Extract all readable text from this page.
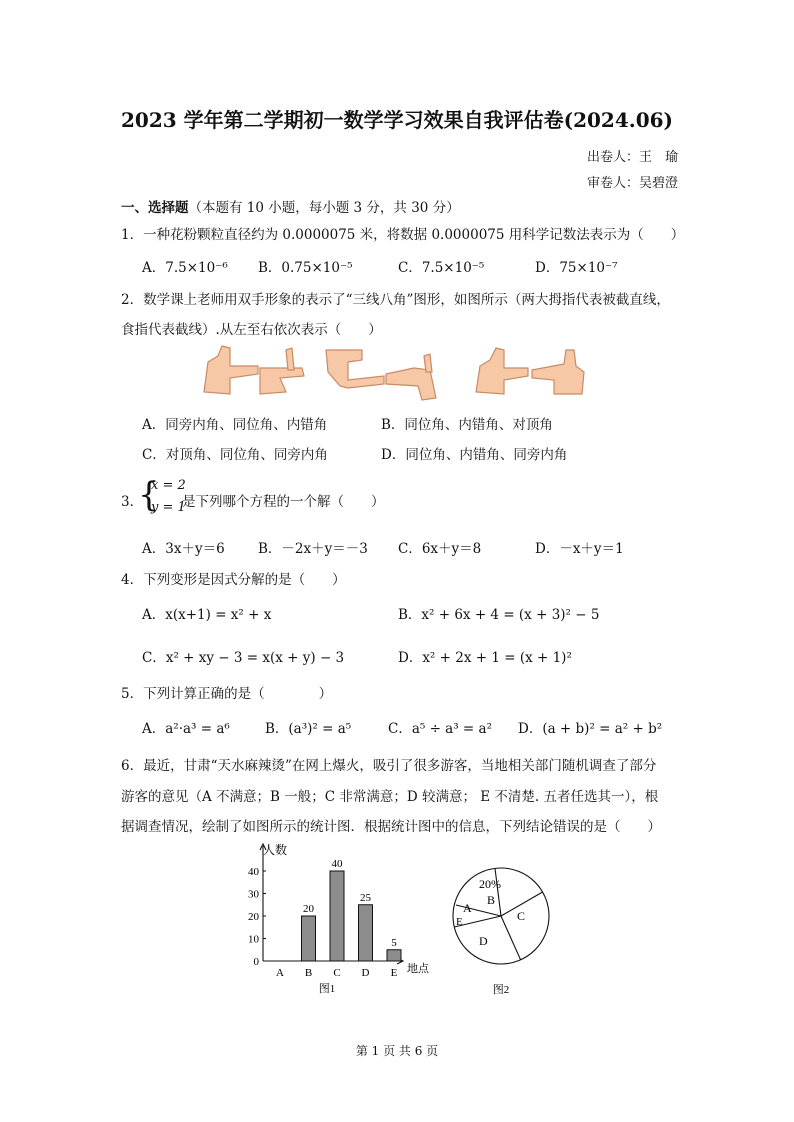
2023 学年第二学期初一数学学习效果自我评估卷(2024.06)
出卷人：王　瑜
审卷人：吴碧澄
一、选择题（本题有 10 小题，每小题 3 分，共 30 分）
1．一种花粉颗粒直径约为 0.0000075 米，将数据 0.0000075 用科学记数法表示为（　　）
A．7.5×10⁻⁶ B．0.75×10⁻⁵	C．7.5×10⁻⁵	D．75×10⁻⁷
2．数学课上老师用双手形象的表示了“三线八角”图形，如图所示（两大拇指代表被截直线，
食指代表截线）.从左至右依次表示（　　）
A．同旁内角、同位角、内错角	B．同位角、内错角、对顶角
C．对顶角、同位角、同旁内角	D．同位角、内错角、同旁内角
3．
{
x = 2
y = 1
是下列哪个方程的一个解（　　）
A．3x＋y＝6 B．－2x＋y＝－3 C．6x＋y＝8	D．－x＋y＝1
4．下列变形是因式分解的是（　　）
A．x(x+1) = x² + x	B．x² + 6x + 4 = (x + 3)² − 5
C．x² + xy − 3 = x(x + y) − 3	D．x² + 2x + 1 = (x + 1)²
5．下列计算正确的是（　　　　）
A．a²·a³ = a⁶	B．(a³)² = a⁵	C．a⁵ ÷ a³ = a² D．(a + b)² = a² + b²
6．最近，甘肃“天水麻辣烫”在网上爆火，吸引了很多游客，当地相关部门随机调查了部分
游客的意见（A 不满意；B 一般；C 非常满意；D 较满意； E 不清楚. 五者任选其一），根
据调查情况，绘制了如图所示的统计图．根据统计图中的信息，下列结论错误的是（　　）
0
10
20
30
40
A B C D E
20
40
25
5
人数
地点
图1
20%
B
C
D
A
E
图2
第 1 页 共 6 页
